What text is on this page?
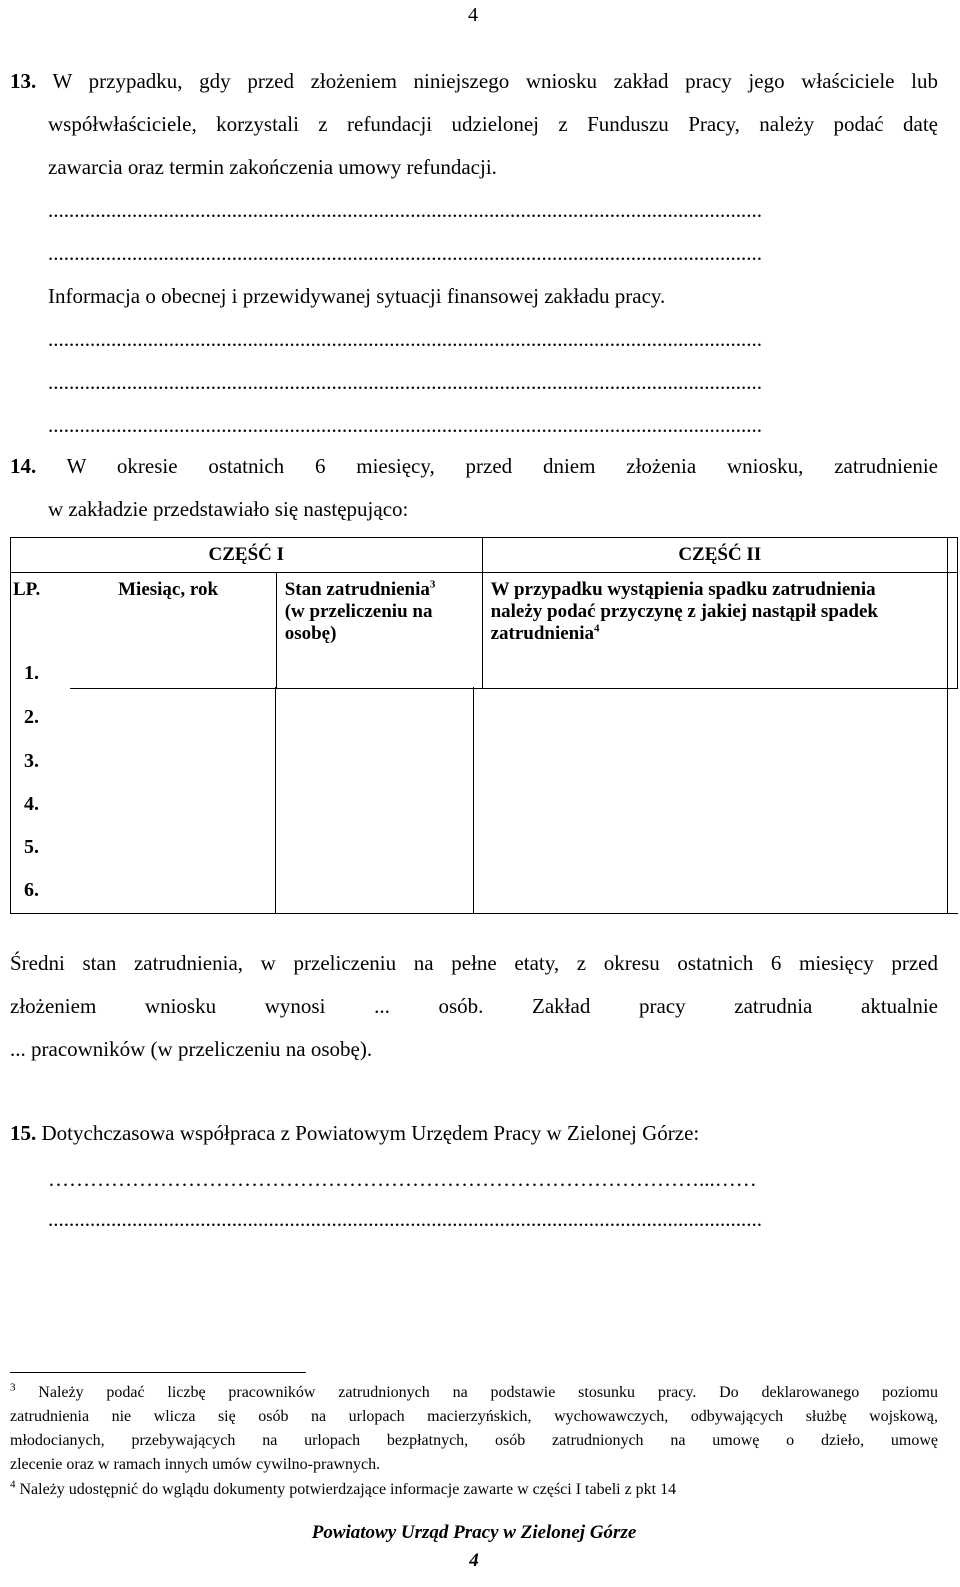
4
13. W przypadku, gdy przed złożeniem niniejszego wniosku zakład pracy jego właściciele lub
współwłaściciele, korzystali z refundacji udzielonej z Funduszu Pracy, należy podać datę
zawarcia oraz termin zakończenia umowy refundacji.
........................................................................................................................................
........................................................................................................................................
Informacja o obecnej i przewidywanej sytuacji finansowej zakładu pracy.
........................................................................................................................................
........................................................................................................................................
........................................................................................................................................
14. W okresie ostatnich 6 miesięcy, przed dniem złożenia wniosku, zatrudnienie
w zakładzie przedstawiało się następująco:
CZĘŚĆ I			CZĘŚĆ II
LP.	Miesiąc, rok	Stan zatrudnienia$^3$
(w przeliczeniu na
osobę)	W przypadku wystąpienia spadku zatrudnienia
należy podać przyczynę z jakiej nastąpił spadek
zatrudnienia$^4$
1.
2.
3.
4.
5.
6.
Średni stan zatrudnienia, w przeliczeniu na pełne etaty, z okresu ostatnich 6 miesięcy przed
złożeniem wniosku wynosi ... osób. Zakład pracy zatrudnia aktualnie
... pracowników (w przeliczeniu na osobę).
15. Dotychczasowa współpraca z Powiatowym Urzędem Pracy w Zielonej Górze:
…………………………………………………………………………………...……
........................................................................................................................................
$^3$ Należy podać liczbę pracowników zatrudnionych na podstawie stosunku pracy. Do deklarowanego poziomu
zatrudnienia nie wlicza się osób na urlopach macierzyńskich, wychowawczych, odbywających służbę wojskową,
młodocianych, przebywających na urlopach bezpłatnych, osób zatrudnionych na umowę o dzieło, umowę
zlecenie oraz w ramach innych umów cywilno-prawnych.
$^4$ Należy udostępnić do wglądu dokumenty potwierdzające informacje zawarte w części I tabeli z pkt 14
Powiatowy Urząd Pracy w Zielonej Górze
4
